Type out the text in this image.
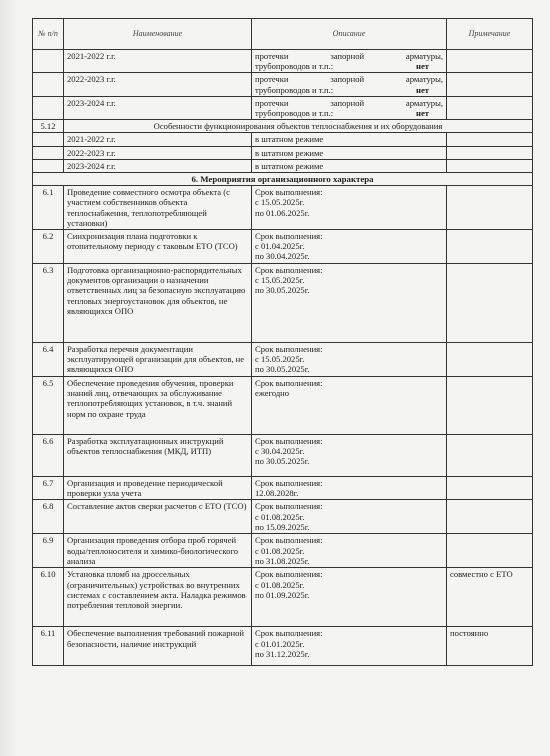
№ п/п	Наименование	Описание	Примечание
	2021-2022 г.г.	протечки запорной арматуры,
трубопроводов и т.п.: нет	

	2022-2023 г.г.	протечки запорной арматуры,
трубопроводов и т.п.: нет	

	2023-2024 г.г.	протечки запорной арматуры,
трубопроводов и т.п.: нет	

5.12	Особенности функционирования объектов теплоснабжения и их оборудования		
	2021-2022 г.г.	в штатном режиме	
	2022-2023 г.г.	в штатном режиме	
	2023-2024 г.г.	в штатном режиме	
6. Мероприятия организационного характера			
6.1	Проведение совместного осмотра объекта (с участием собственников объекта теплоснабжения, теплопотребляющей установки)	Срок выполнения:
с 15.05.2025г.
по 01.06.2025г.	
6.2	Синхронизация плана подготовки к отопительному периоду с таковым ЕТО (ТСО)	Срок выполнения:
с 01.04.2025г.
по 30.04.2025г.	
6.3	Подготовка организационно-распорядительных документов организации о назначении ответственных лиц за безопасную эксплуатацию тепловых энергоустановок для объектов, не являющихся ОПО	Срок выполнения:
с 15.05.2025г.
по 30.05.2025г.	
6.4	Разработка перечня документации эксплуатирующей организации для объектов, не являющихся ОПО	Срок выполнения:
с 15.05.2025г.
по 30.05.2025г.	
6.5	Обеспечение проведения обучения, проверки знаний лиц, отвечающих за обслуживание теплопотребляющих установок, в т.ч. знаний норм по охране труда	Срок выполнения:
ежегодно	
6.6	Разработка эксплуатационных инструкций объектов теплоснабжения (МКД, ИТП)	Срок выполнения:
с 30.04.2025г.
по 30.05.2025г.	
6.7	Организация и проведение периодической проверки узла учета	Срок выполнения:
12.08.2028г.	
6.8	Составление актов сверки расчетов с ЕТО (ТСО)	Срок выполнения:
с 01.08.2025г.
по 15.09.2025г.	
6.9	Организация проведения отбора проб горячей воды/теплоносителя и химико-биологического анализа	Срок выполнения:
с 01.08.2025г.
по 31.08.2025г.	
6.10	Установка пломб на дроссельных (ограничительных) устройствах во внутренних системах с составлением акта. Наладка режимов потребления тепловой энергии.	Срок выполнения:
с 01.08.2025г.
по 01.09.2025г.	совместно с ЕТО
6.11	Обеспечение выполнения требований пожарной безопасности, наличие инструкций	Срок выполнения:
с 01.01.2025г.
по 31.12.2025г.	постоянно
